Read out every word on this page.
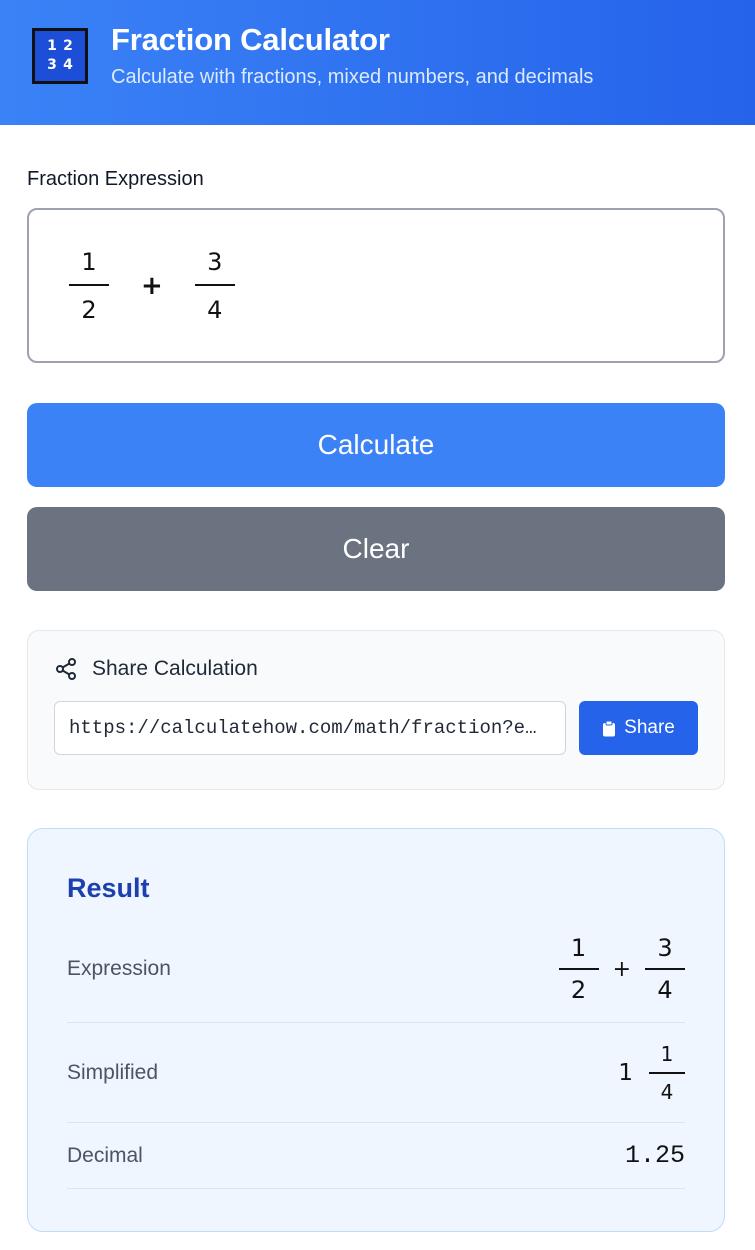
1 2
3 4
Fraction Calculator
Calculate with fractions, mixed numbers, and decimals
Fraction Expression
$\frac{1}{2} + \frac{3}{4}$
Calculate
Clear
Share Calculation
https://calculatehow.com/math/fraction?e…
Share
Result
Expression	$\frac{1}{2} + \frac{3}{4}$
Simplified	$1 \frac{1}{4}$
Decimal	1.25
